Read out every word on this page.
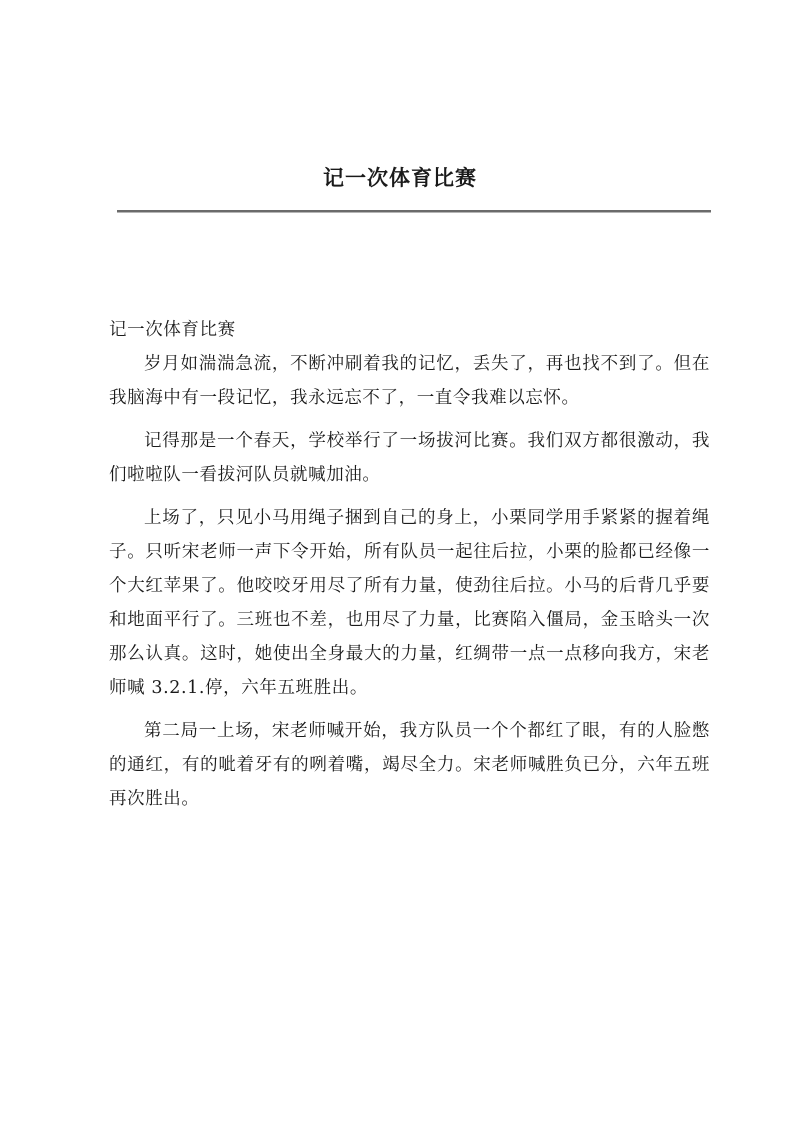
记一次体育比赛

记一次体育比赛

岁月如湍湍急流，不断冲刷着我的记忆，丢失了，再也找不到了。但在我脑海中有一段记忆，我永远忘不了，一直令我难以忘怀。

记得那是一个春天，学校举行了一场拔河比赛。我们双方都很激动，我们啦啦队一看拔河队员就喊加油。

上场了，只见小马用绳子捆到自己的身上，小栗同学用手紧紧的握着绳子。只听宋老师一声下令开始，所有队员一起往后拉，小栗的脸都已经像一个大红苹果了。他咬咬牙用尽了所有力量，使劲往后拉。小马的后背几乎要和地面平行了。三班也不差，也用尽了力量，比赛陷入僵局，金玉晗头一次那么认真。这时，她使出全身最大的力量，红绸带一点一点移向我方，宋老师喊 3.2.1.停，六年五班胜出。

第二局一上场，宋老师喊开始，我方队员一个个都红了眼，有的人脸憋的通红，有的呲着牙有的咧着嘴，竭尽全力。宋老师喊胜负已分，六年五班再次胜出。
